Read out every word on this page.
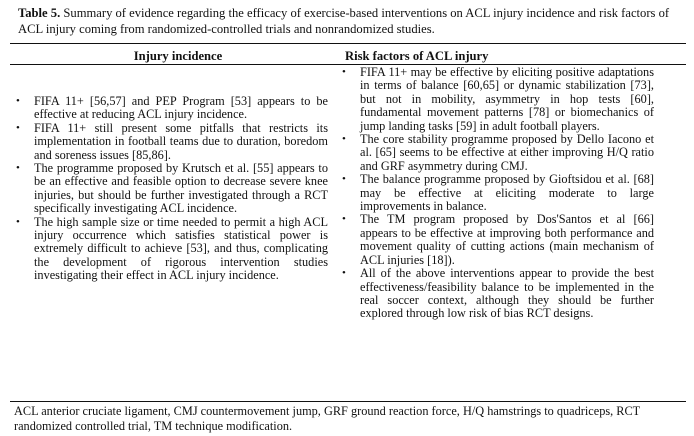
Table 5. Summary of evidence regarding the efficacy of exercise-based interventions on ACL injury incidence and risk factors of ACL injury coming from randomized-controlled trials and nonrandomized studies.

Injury incidence	Risk factors of ACL injury
• FIFA 11+ [56,57] and PEP Program [53] appears to be effective at reducing ACL injury incidence.
• FIFA 11+ still present some pitfalls that restricts its implementation in football teams due to duration, boredom and soreness issues [85,86].
• The programme proposed by Krutsch et al. [55] appears to be an effective and feasible option to decrease severe knee injuries, but should be further investigated through a RCT specifically investigating ACL incidence.
• The high sample size or time needed to permit a high ACL injury occurrence which satisfies statistical power is extremely difficult to achieve [53], and thus, complicating the development of rigorous intervention studies investigating their effect in ACL injury incidence.
• FIFA 11+ may be effective by eliciting positive adaptations in terms of balance [60,65] or dynamic stabilization [73], but not in mobility, asymmetry in hop tests [60], fundamental movement patterns [78] or biomechanics of jump landing tasks [59] in adult football players.
• The core stability programme proposed by Dello Iacono et al. [65] seems to be effective at either improving H/Q ratio and GRF asymmetry during CMJ.
• The balance programme proposed by Gioftsidou et al. [68] may be effective at eliciting moderate to large improvements in balance.
• The TM program proposed by Dos'Santos et al [66] appears to be effective at improving both performance and movement quality of cutting actions (main mechanism of ACL injuries [18]).
• All of the above interventions appear to provide the best effectiveness/feasibility balance to be implemented in the real soccer context, although they should be further explored through low risk of bias RCT designs.
ACL anterior cruciate ligament, CMJ countermovement jump, GRF ground reaction force, H/Q hamstrings to quadriceps, RCT randomized controlled trial, TM technique modification.
